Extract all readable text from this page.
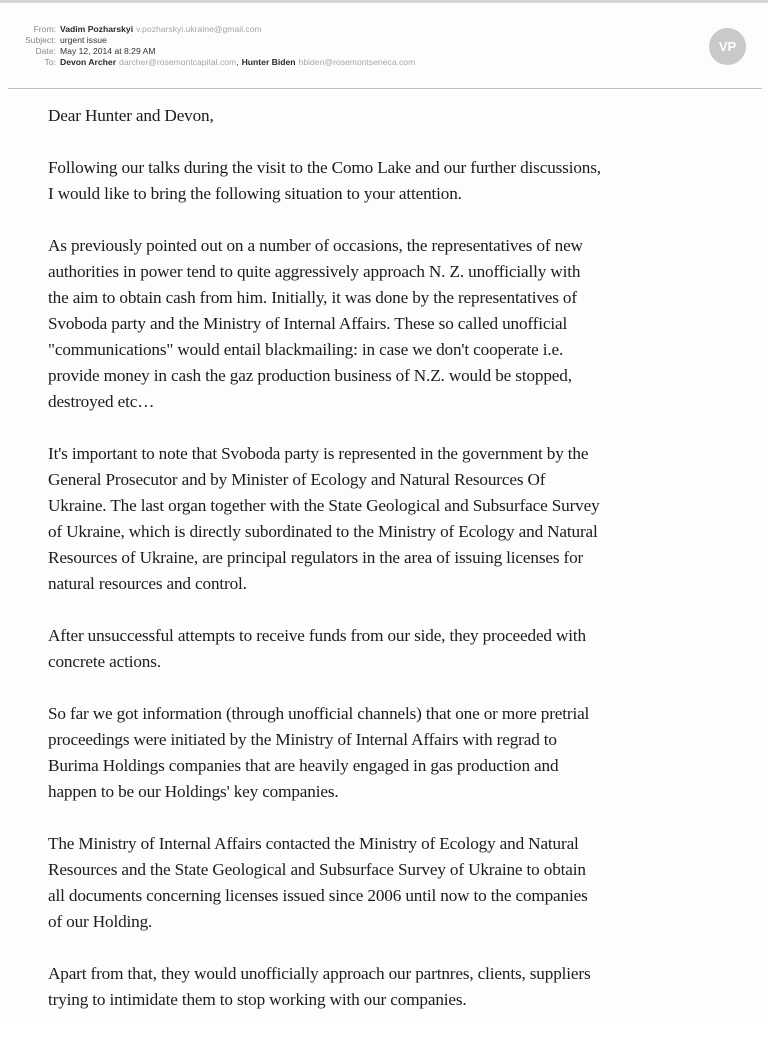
From: Vadim Pozharskyi v.pozharskyi.ukraine@gmail.com
Subject: urgent issue
Date: May 12, 2014 at 8:29 AM
To: Devon Archer darcher@rosemontcapital.com , Hunter Biden hbiden@rosemontseneca.com
VP

Dear Hunter and Devon,

Following our talks during the visit to the Como Lake and our further discussions,
I would like to bring the following situation to your attention.

As previously pointed out on a number of occasions, the representatives of new
authorities in power tend to quite aggressively approach N. Z. unofficially with
the aim to obtain cash from him. Initially, it was done by the representatives of
Svoboda party and the Ministry of Internal Affairs. These so called unofficial
"communications" would entail blackmailing: in case we don't cooperate i.e.
provide money in cash the gaz production business of N.Z. would be stopped,
destroyed etc…

It's important to note that Svoboda party is represented in the government by the
General Prosecutor and by Minister of Ecology and Natural Resources Of
Ukraine. The last organ together with the State Geological and Subsurface Survey
of Ukraine, which is directly subordinated to the Ministry of Ecology and Natural
Resources of Ukraine, are principal regulators in the area of issuing licenses for
natural resources and control.

After unsuccessful attempts to receive funds from our side, they proceeded with
concrete actions.

So far we got information (through unofficial channels) that one or more pretrial
proceedings were initiated by the Ministry of Internal Affairs with regrad to
Burima Holdings companies that are heavily engaged in gas production and
happen to be our Holdings' key companies.

The Ministry of Internal Affairs contacted the Ministry of Ecology and Natural
Resources and the State Geological and Subsurface Survey of Ukraine to obtain
all documents concerning licenses issued since 2006 until now to the companies
of our Holding.

Apart from that, they would unofficially approach our partnres, clients, suppliers
trying to intimidate them to stop working with our companies.
